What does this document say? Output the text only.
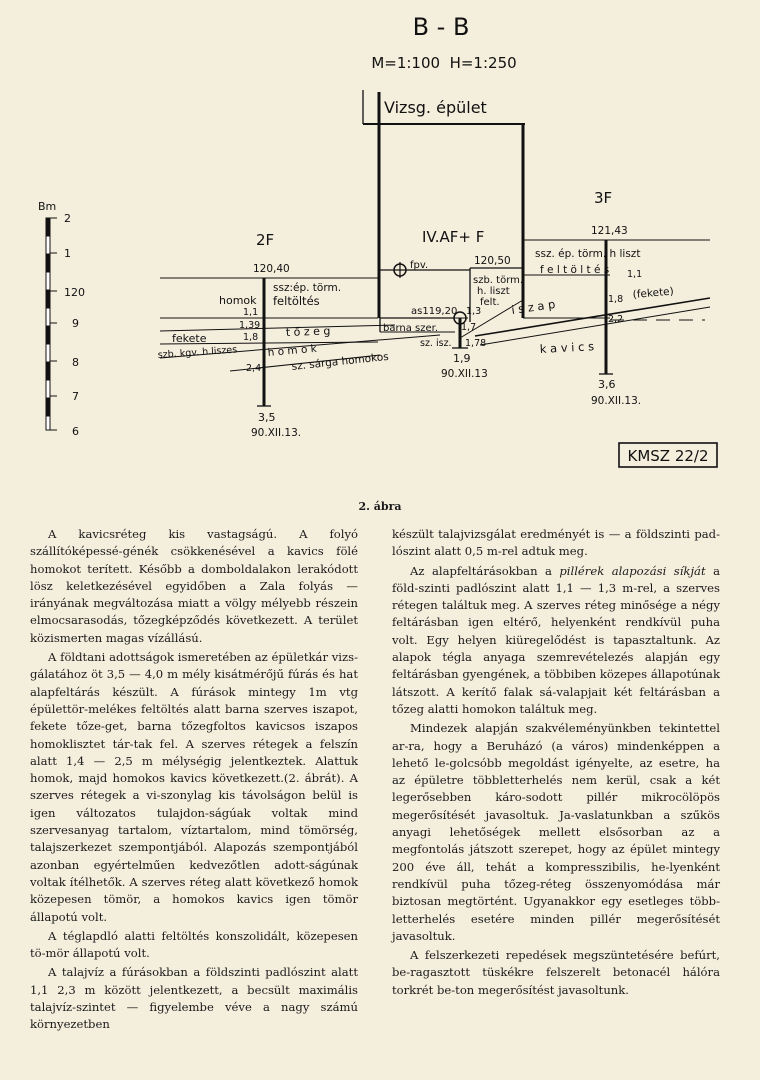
B - B
M=1:100  H=1:250
Vizsg. épület
Bm
2
1
120
9
8
7
6
2F
120,40
3,5
90.XII.13.
IV.AF+ F
120,50
1,9
90.XII.13
3F
121,43
3,6
90.XII.13.
homok
fekete
szb. kgv. h.liszes
ssz:ép. törm.
feltöltés
t ő z e g
h o m o k
sz. sárga homokos
fpv.
as119,20
barna szer.
sz. isz.
szb. törm.
h. liszt
felt. i s z a p
k a v i c s
(fekete)
ssz. ép. törm. h liszt
f e l t ö l t é s
1,1
1,39
1,8
2,4
1,3
1,7
1,78
1,1
1,8
2,2
KMSZ 22/2
2. ábra

A kavicsréteg kis vastagságú. A folyó szállítóképessé-génék csökkenésével a kavics fölé homokot terített. Később a domboldalakon lerakódott lösz keletkezésével egyidőben a Zala folyás — irányának megváltozása miatt a völgy mélyebb részein elmocsarasodás, tőzegképződés következett. A terület közismerten magas vízállású.

A földtani adottságok ismeretében az épületkár vizs-gálatához öt 3,5 — 4,0 m mély kisátmérőjű fúrás és hat alapfeltárás készült. A fúrások mintegy 1m vtg épülettör-melékes feltöltés alatt barna szerves iszapot, fekete tőze-get, barna tőzegfoltos kavicsos iszapos homoklisztet tár-tak fel. A szerves rétegek a felszín alatt 1,4 — 2,5 m mélységig jelentkeztek. Alattuk homok, majd homokos kavics következett.(2. ábrát). A szerves rétegek a vi-szonylag kis távolságon belül is igen változatos tulajdon-ságúak voltak mind szervesanyag tartalom, víztartalom, mind tömörség, talajszerkezet szempontjából. Alapozás szempontjából azonban egyértelműen kedvezőtlen adott-ságúnak voltak ítélhetők. A szerves réteg alatt következő homok közepesen tömör, a homokos kavics igen tömör állapotú volt.

A téglapdló alatti feltöltés konszolidált, közepesen tö-mör állapotú volt.

A talajvíz a fúrásokban a földszinti padlószint alatt 1,1 2,3 m között jelentkezett, a becsült maximális talajvíz-szintet — figyelembe véve a nagy számú környezetben

készült talajvizsgálat eredményét is — a földszinti pad-lószint alatt 0,5 m-rel adtuk meg.

Az alapfeltárásokban a pillérek alapozási síkját a föld-szinti padlószint alatt 1,1 — 1,3 m-rel, a szerves rétegen találtuk meg. A szerves réteg minősége a négy feltárásban igen eltérő, helyenként rendkívül puha volt. Egy helyen kiüregelődést is tapasztaltunk. Az alapok tégla anyaga szemrevételezés alapján egy feltárásban gyengének, a többiben közepes állapotúnak látszott. A kerítő falak sá-valapjait két feltárásban a tőzeg alatti homokon találtuk meg.

Mindezek alapján szakvéleményünkben tekintettel ar-ra, hogy a Beruházó (a város) mindenképpen a lehető le-golcsóbb megoldást igényelte, az esetre, ha az épületre többletterhelés nem kerül, csak a két legerősebben káro-sodott pillér mikrocölöpös megerősítését javasoltuk. Ja-vaslatunkban a szűkös anyagi lehetőségek mellett elsősorban az a megfontolás játszott szerepet, hogy az épület mintegy 200 éve áll, tehát a kompresszibilis, he-lyenként rendkívül puha tőzeg-réteg összenyomódása már biztosan megtörtént. Ugyanakkor egy esetleges több-letterhelés esetére minden pillér megerősítését javasoltuk.

A felszerkezeti repedések megszüntetésére befúrt, be-ragasztott tüskékre felszerelt betonacél hálóra torkrét be-ton megerősítést javasoltunk.
